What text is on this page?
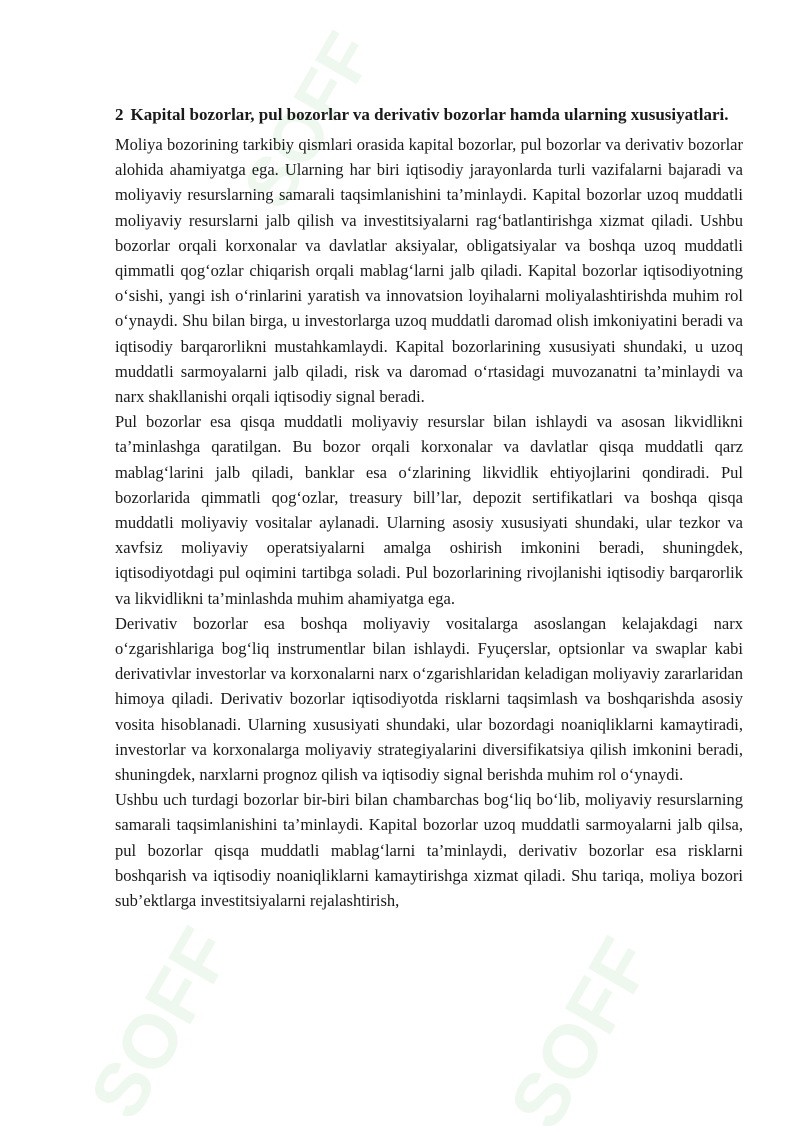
SOFF
SOFF	SOFF
2 Kapital bozorlar, pul bozorlar va derivativ bozorlar hamda ularning xususiyatlari.

Moliya bozorining tarkibiy qismlari orasida kapital bozorlar, pul bozorlar va derivativ bozorlar alohida ahamiyatga ega. Ularning har biri iqtisodiy jarayonlarda turli vazifalarni bajaradi va moliyaviy resurslarning samarali taqsimlanishini ta’minlaydi. Kapital bozorlar uzoq muddatli moliyaviy resurslarni jalb qilish va investitsiyalarni rag‘batlantirishga xizmat qiladi. Ushbu bozorlar orqali korxonalar va davlatlar aksiyalar, obligatsiyalar va boshqa uzoq muddatli qimmatli qog‘ozlar chiqarish orqali mablag‘larni jalb qiladi. Kapital bozorlar iqtisodiyotning o‘sishi, yangi ish o‘rinlarini yaratish va innovatsion loyihalarni moliyalashtirishda muhim rol o‘ynaydi. Shu bilan birga, u investorlarga uzoq muddatli daromad olish imkoniyatini beradi va iqtisodiy barqarorlikni mustahkamlaydi. Kapital bozorlarining xususiyati shundaki, u uzoq muddatli sarmoyalarni jalb qiladi, risk va daromad o‘rtasidagi muvozanatni ta’minlaydi va narx shakllanishi orqali iqtisodiy signal beradi.

Pul bozorlar esa qisqa muddatli moliyaviy resurslar bilan ishlaydi va asosan likvidlikni ta’minlashga qaratilgan. Bu bozor orqali korxonalar va davlatlar qisqa muddatli qarz mablag‘larini jalb qiladi, banklar esa o‘zlarining likvidlik ehtiyojlarini qondiradi. Pul bozorlarida qimmatli qog‘ozlar, treasury bill’lar, depozit sertifikatlari va boshqa qisqa muddatli moliyaviy vositalar aylanadi. Ularning asosiy xususiyati shundaki, ular tezkor va xavfsiz moliyaviy operatsiyalarni amalga oshirish imkonini beradi, shuningdek, iqtisodiyotdagi pul oqimini tartibga soladi. Pul bozorlarining rivojlanishi iqtisodiy barqarorlik va likvidlikni ta’minlashda muhim ahamiyatga ega.

Derivativ bozorlar esa boshqa moliyaviy vositalarga asoslangan kelajakdagi narx o‘zgarishlariga bog‘liq instrumentlar bilan ishlaydi. Fyuçerslar, optsionlar va swaplar kabi derivativlar investorlar va korxonalarni narx o‘zgarishlaridan keladigan moliyaviy zararlaridan himoya qiladi. Derivativ bozorlar iqtisodiyotda risklarni taqsimlash va boshqarishda asosiy vosita hisoblanadi. Ularning xususiyati shundaki, ular bozordagi noaniqliklarni kamaytiradi, investorlar va korxonalarga moliyaviy strategiyalarini diversifikatsiya qilish imkonini beradi, shuningdek, narxlarni prognoz qilish va iqtisodiy signal berishda muhim rol o‘ynaydi.

Ushbu uch turdagi bozorlar bir-biri bilan chambarchas bog‘liq bo‘lib, moliyaviy resurslarning samarali taqsimlanishini ta’minlaydi. Kapital bozorlar uzoq muddatli sarmoyalarni jalb qilsa, pul bozorlar qisqa muddatli mablag‘larni ta’minlaydi, derivativ bozorlar esa risklarni boshqarish va iqtisodiy noaniqliklarni kamaytirishga xizmat qiladi. Shu tariqa, moliya bozori sub’ektlarga investitsiyalarni rejalashtirish,
